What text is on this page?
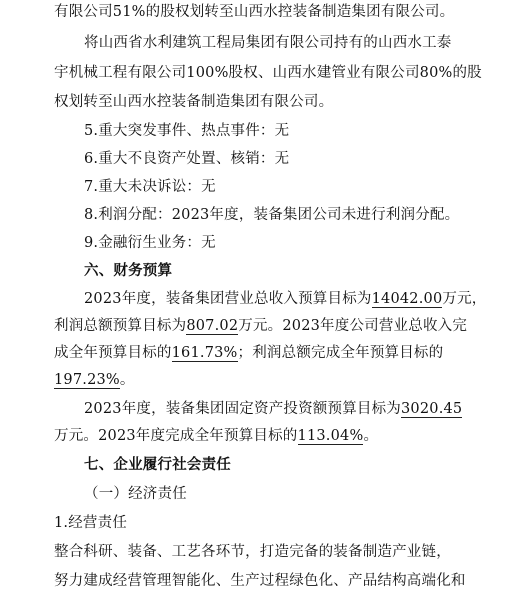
有限公司51%的股权划转至山西水控装备制造集团有限公司。
将山西省水利建筑工程局集团有限公司持有的山西水工泰
宇机械工程有限公司100%股权、山西水建管业有限公司80%的股
权划转至山西水控装备制造集团有限公司。
5.重大突发事件、热点事件：无
6.重大不良资产处置、核销：无
7.重大未决诉讼：无
8.利润分配：2023年度，装备集团公司未进行利润分配。
9.金融衍生业务：无
六、财务预算
2023年度，装备集团营业总收入预算目标为14042.00万元，
利润总额预算目标为807.02万元。2023年度公司营业总收入完
成全年预算目标的161.73%；利润总额完成全年预算目标的
197.23%。
2023年度，装备集团固定资产投资额预算目标为3020.45
万元。2023年度完成全年预算目标的113.04%。
七、企业履行社会责任
（一）经济责任
1.经营责任
整合科研、装备、工艺各环节，打造完备的装备制造产业链，
努力建成经营管理智能化、生产过程绿色化、产品结构高端化和
